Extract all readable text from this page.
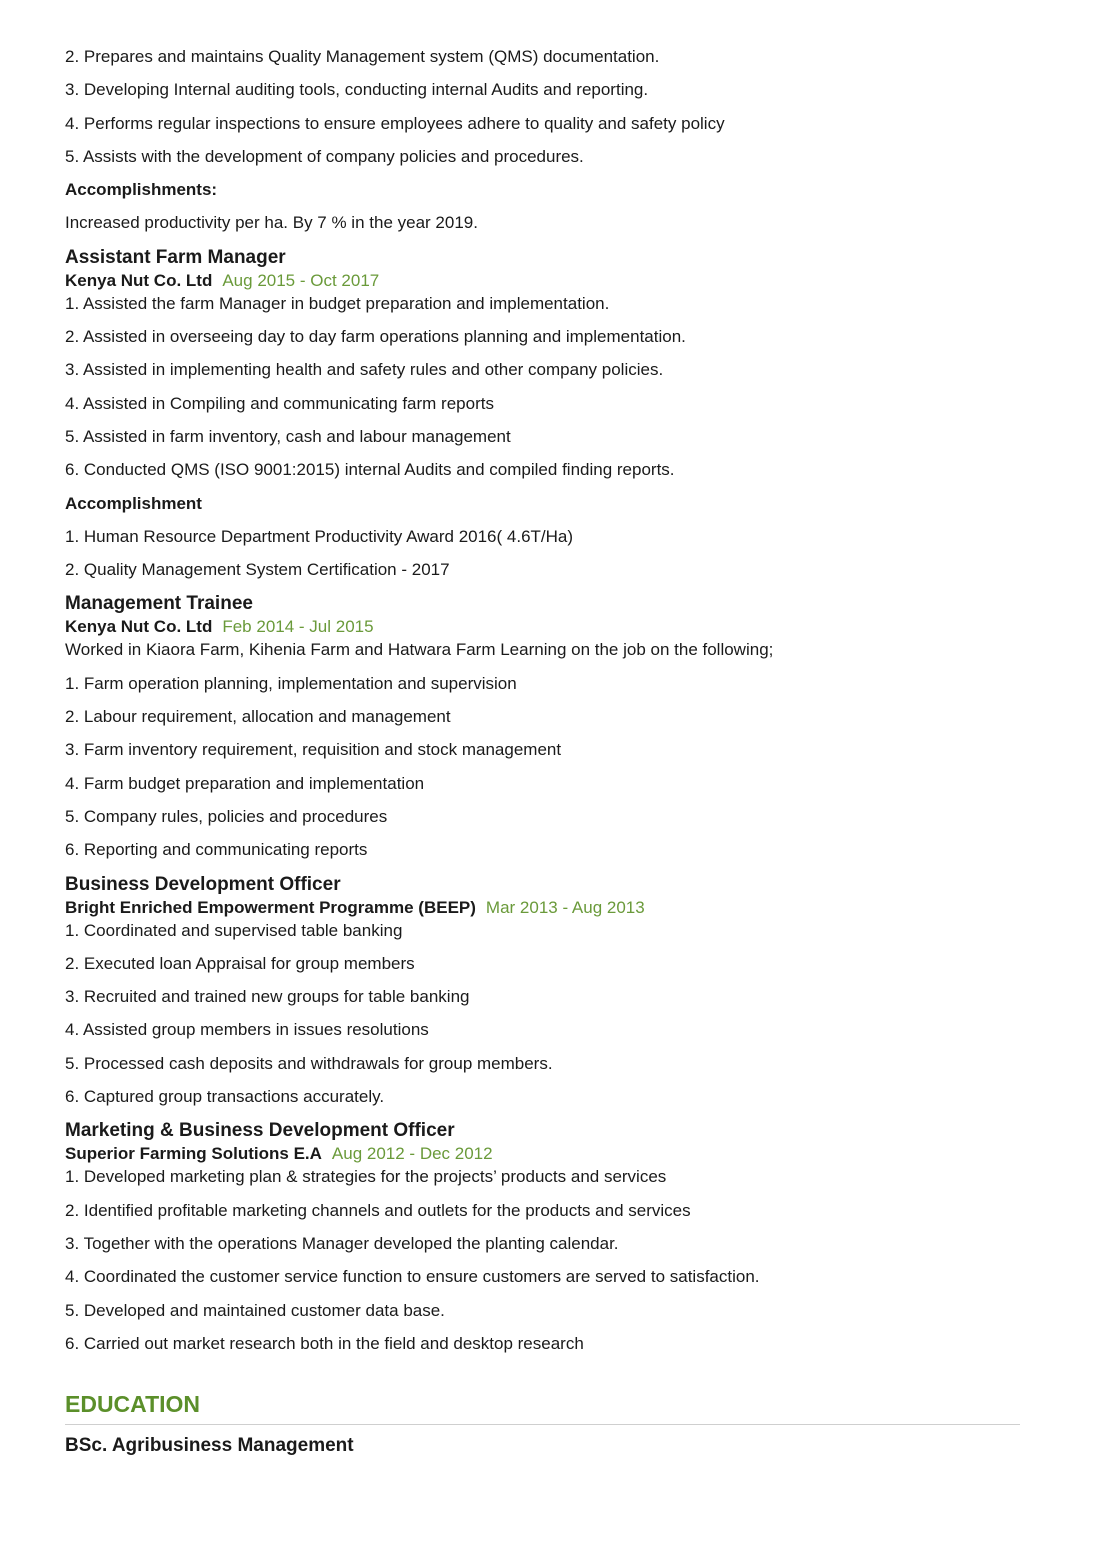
2. Prepares and maintains Quality Management system (QMS) documentation.
3. Developing Internal auditing tools, conducting internal Audits and reporting.
4. Performs regular inspections to ensure employees adhere to quality and safety policy
5. Assists with the development of company policies and procedures.
Accomplishments:
Increased productivity per ha. By 7 % in the year 2019.
Assistant Farm Manager
Kenya Nut Co. Ltd Aug 2015 - Oct 2017
1. Assisted the farm Manager in budget preparation and implementation.
2. Assisted in overseeing day to day farm operations planning and implementation.
3. Assisted in implementing health and safety rules and other company policies.
4. Assisted in Compiling and communicating farm reports
5. Assisted in farm inventory, cash and labour management
6. Conducted QMS (ISO 9001:2015) internal Audits and compiled finding reports.
Accomplishment
1. Human Resource Department Productivity Award 2016( 4.6T/Ha)
2. Quality Management System Certification - 2017
Management Trainee
Kenya Nut Co. Ltd Feb 2014 - Jul 2015
Worked in Kiaora Farm, Kihenia Farm and Hatwara Farm Learning on the job on the following;
1. Farm operation planning, implementation and supervision
2. Labour requirement, allocation and management
3. Farm inventory requirement, requisition and stock management
4. Farm budget preparation and implementation
5. Company rules, policies and procedures
6. Reporting and communicating reports
Business Development Officer
Bright Enriched Empowerment Programme (BEEP) Mar 2013 - Aug 2013
1. Coordinated and supervised table banking
2. Executed loan Appraisal for group members
3. Recruited and trained new groups for table banking
4. Assisted group members in issues resolutions
5. Processed cash deposits and withdrawals for group members.
6. Captured group transactions accurately.
Marketing & Business Development Officer
Superior Farming Solutions E.A Aug 2012 - Dec 2012
1. Developed marketing plan & strategies for the projects’ products and services
2. Identified profitable marketing channels and outlets for the products and services
3. Together with the operations Manager developed the planting calendar.
4. Coordinated the customer service function to ensure customers are served to satisfaction.
5. Developed and maintained customer data base.
6. Carried out market research both in the field and desktop research
EDUCATION
BSc. Agribusiness Management
